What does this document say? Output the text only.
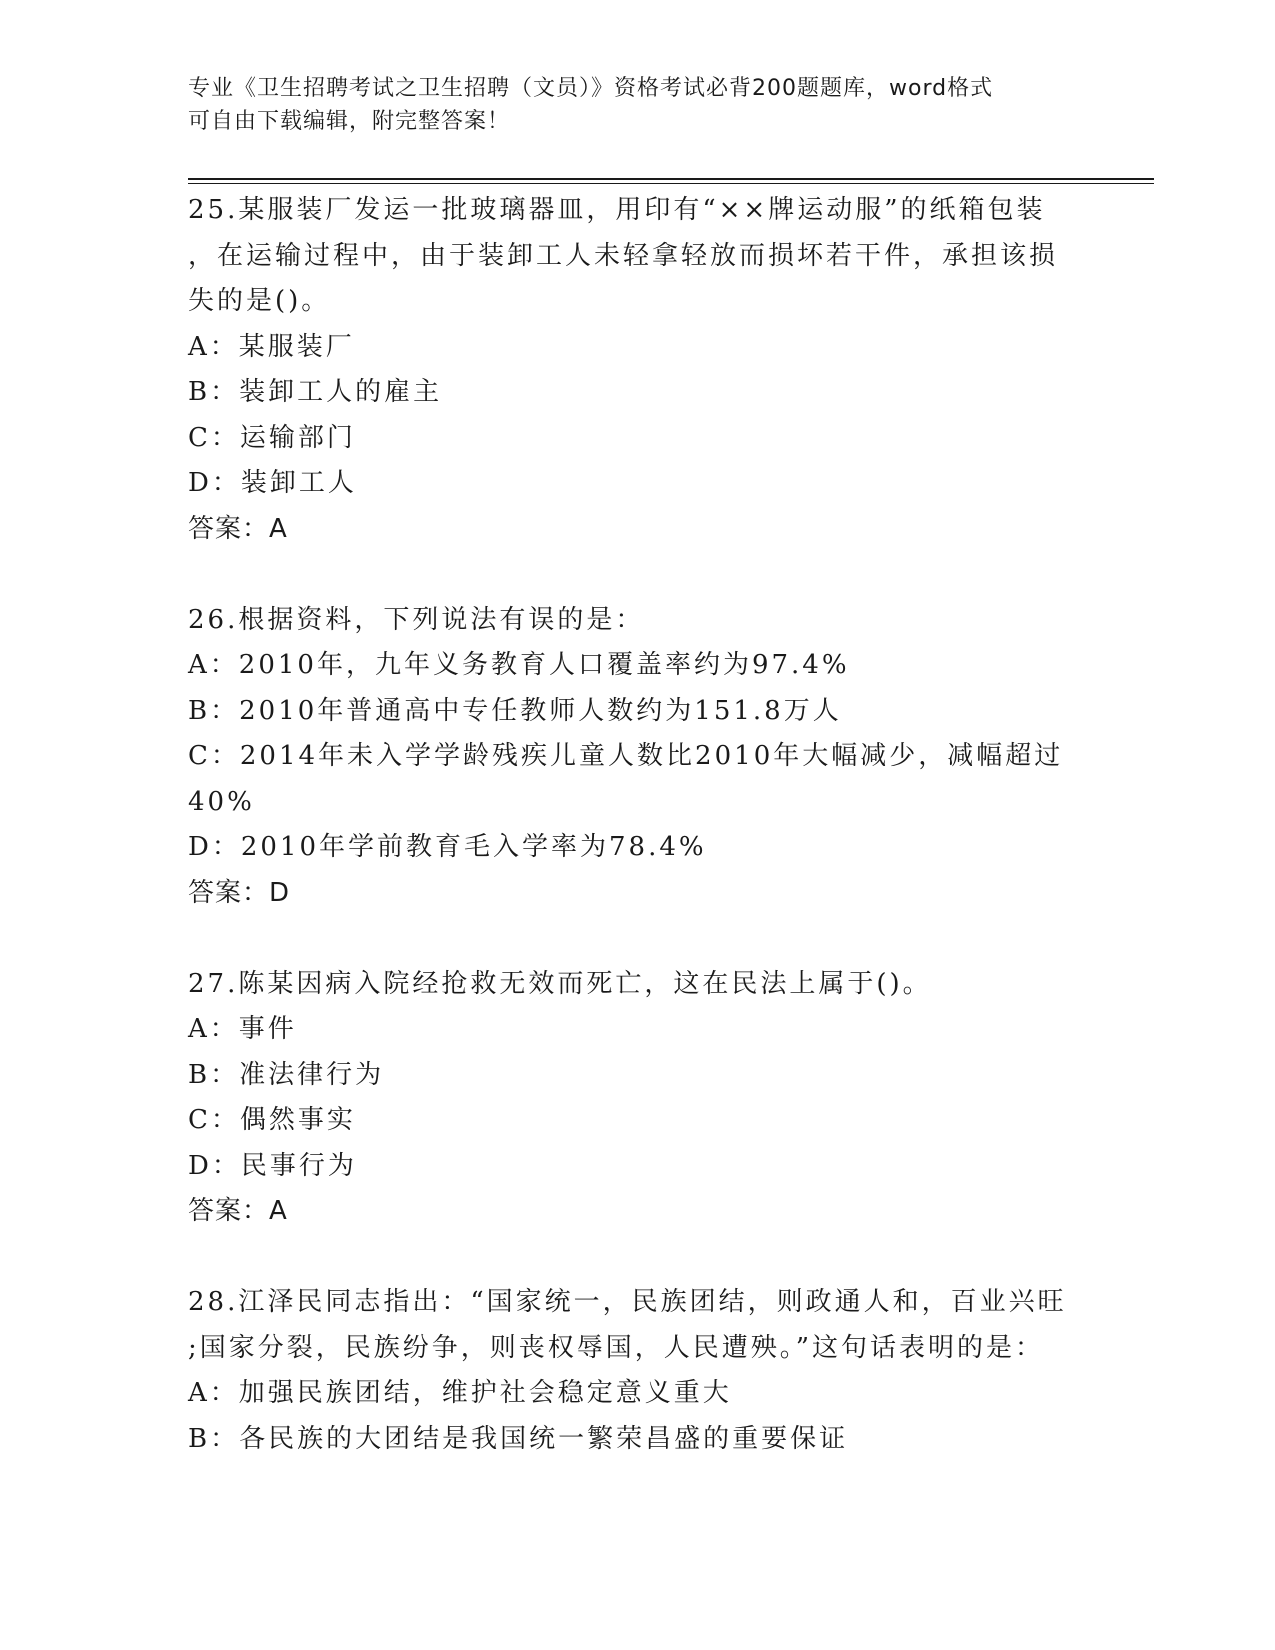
专业《卫生招聘考试之卫生招聘（文员）》资格考试必背200题题库，word格式
可自由下载编辑，附完整答案！
25.某服装厂发运一批玻璃器皿，用印有“××牌运动服”的纸箱包装
，在运输过程中，由于装卸工人未轻拿轻放而损坏若干件，承担该损
失的是()。
A：某服装厂
B：装卸工人的雇主
C：运输部门
D：装卸工人
答案：A
26.根据资料，下列说法有误的是：
A：2010年，九年义务教育人口覆盖率约为97.4%
B：2010年普通高中专任教师人数约为151.8万人
C：2014年未入学学龄残疾儿童人数比2010年大幅减少，减幅超过
40%
D：2010年学前教育毛入学率为78.4%
答案：D
27.陈某因病入院经抢救无效而死亡，这在民法上属于()。
A：事件
B：准法律行为
C：偶然事实
D：民事行为
答案：A
28.江泽民同志指出：“国家统一，民族团结，则政通人和，百业兴旺
;国家分裂，民族纷争，则丧权辱国，人民遭殃。”这句话表明的是：
A：加强民族团结，维护社会稳定意义重大
B：各民族的大团结是我国统一繁荣昌盛的重要保证
